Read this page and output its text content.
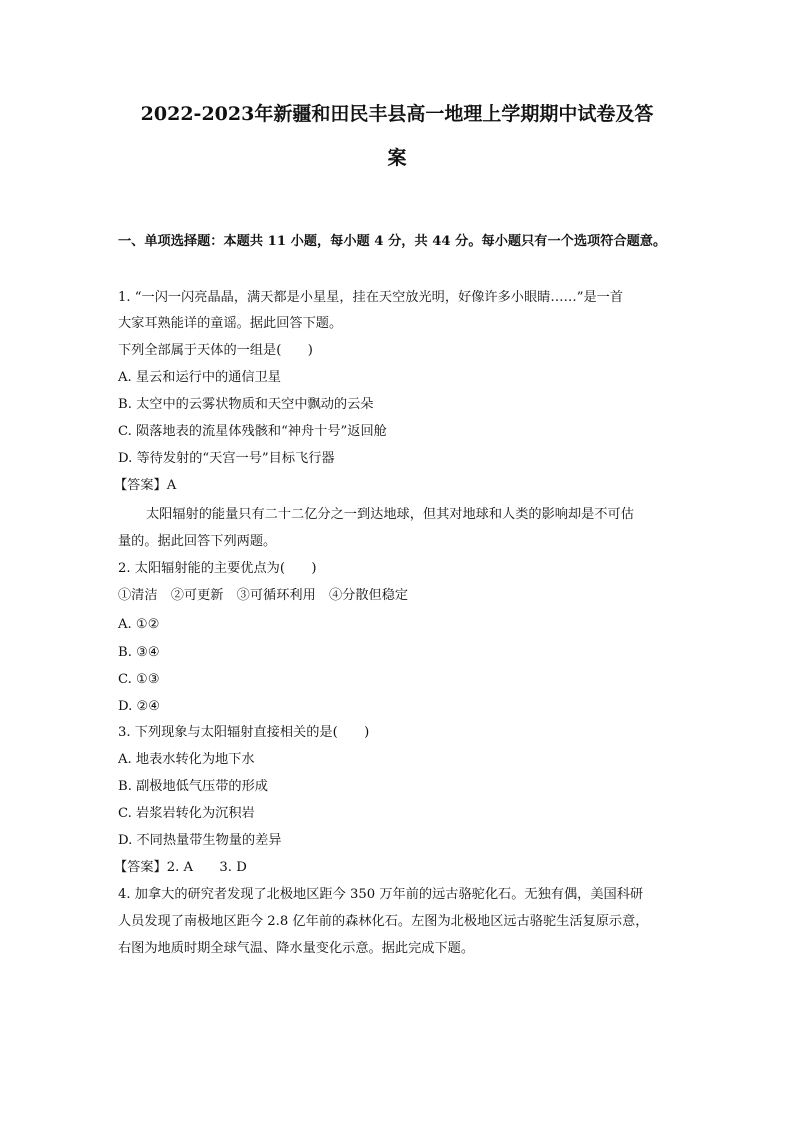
2022-2023年新疆和田民丰县高一地理上学期期中试卷及答
案
一、单项选择题：本题共 11 小题，每小题 4 分，共 44 分。每小题只有一个选项符合题意。
1. “一闪一闪亮晶晶，满天都是小星星，挂在天空放光明，好像许多小眼睛……”是一首
大家耳熟能详的童谣。据此回答下题。
下列全部属于天体的一组是(　　)
A. 星云和运行中的通信卫星
B. 太空中的云雾状物质和天空中飘动的云朵
C. 陨落地表的流星体残骸和“神舟十号”返回舱
D. 等待发射的“天宫一号”目标飞行器
【答案】A
太阳辐射的能量只有二十二亿分之一到达地球，但其对地球和人类的影响却是不可估
量的。据此回答下列两题。
2. 太阳辐射能的主要优点为(　　)
①清洁　②可更新　③可循环利用　④分散但稳定
A. ①②
B. ③④
C. ①③
D. ②④
3. 下列现象与太阳辐射直接相关的是(　　)
A. 地表水转化为地下水
B. 副极地低气压带的形成
C. 岩浆岩转化为沉积岩
D. 不同热量带生物量的差异
【答案】2. A　　3. D
4. 加拿大的研究者发现了北极地区距今 350 万年前的远古骆驼化石。无独有偶，美国科研
人员发现了南极地区距今 2.8 亿年前的森林化石。左图为北极地区远古骆驼生活复原示意，
右图为地质时期全球气温、降水量变化示意。据此完成下题。
